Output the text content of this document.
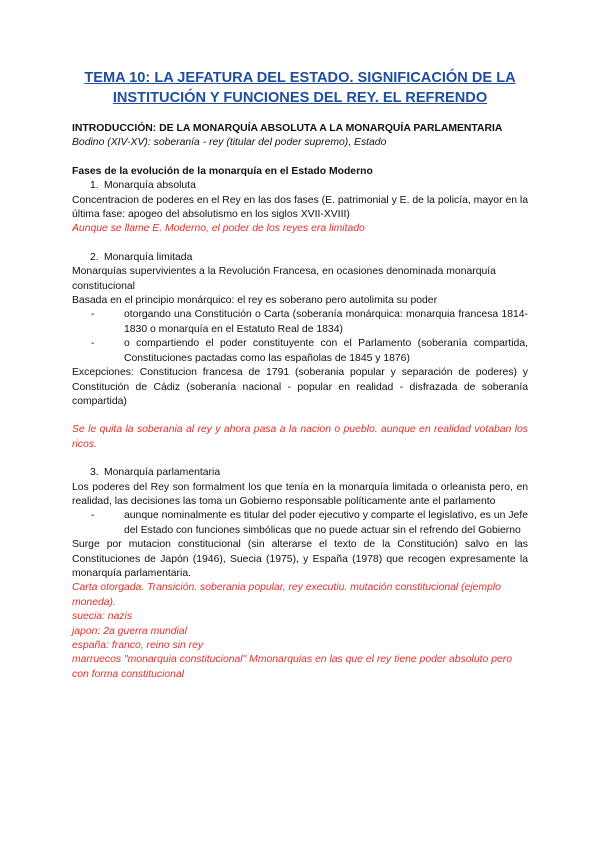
TEMA 10: LA JEFATURA DEL ESTADO. SIGNIFICACIÓN DE LA INSTITUCIÓN Y FUNCIONES DEL REY. EL REFRENDO

INTRODUCCIÓN: DE LA MONARQUÍA ABSOLUTA A LA MONARQUÍA PARLAMENTARIA

Bodino (XIV-XV): soberanía - rey (titular del poder supremo), Estado

Fases de la evolución de la monarquía en el Estado Moderno

1. Monarquía absoluta

Concentracion de poderes en el Rey en las dos fases (E. patrimonial y E. de la policía, mayor en la última fase: apogeo del absolutismo en los siglos XVII-XVIII)

Aunque se llame E. Moderno, el poder de los reyes era limitado

2. Monarquía limitada

Monarquías supervivientes a la Revolución Francesa, en ocasiones denominada monarquía constitucional

Basada en el principio monárquico: el rey es soberano pero autolimita su poder

-	otorgando una Constitución o Carta (soberanía monárquica: monarquia francesa 1814-1830 o monarquía en el Estatuto Real de 1834)
-	o compartiendo el poder constituyente con el Parlamento (soberanía compartida, Constituciones pactadas como las españolas de 1845 y 1876)

Excepciones: Constitucion francesa de 1791 (soberania popular y separación de poderes) y Constitución de Cádiz (soberanía nacional - popular en realidad - disfrazada de soberanía compartida)

Se le quita la soberania al rey y ahora pasa a la nacion o pueblo. aunque en realidad votaban los ricos.

3. Monarquía parlamentaria

Los poderes del Rey son formalment los que tenía en la monarquía limitada o orleanista pero, en realidad, las decisiones las toma un Gobierno responsable políticamente ante el parlamento

-	aunque nominalmente es titular del poder ejecutivo y comparte el legislativo, es un Jefe del Estado con funciones simbólicas que no puede actuar sin el refrendo del Gobierno

Surge por mutacion constitucional (sin alterarse el texto de la Constitución) salvo en las Constituciones de Japón (1946), Suecia (1975), y España (1978) que recogen expresamente la monarquía parlamentaria.

Carta otorgada. Transición. soberania popular, rey executiu. mutación constitucional (ejemplo moneda).

suecia: nazis

japon: 2a guerra mundial

españa: franco, reino sin rey

marruecos "monarquia constitucional" Mmonarquias en las que el rey tiene poder absoluto pero con forma constitucional
